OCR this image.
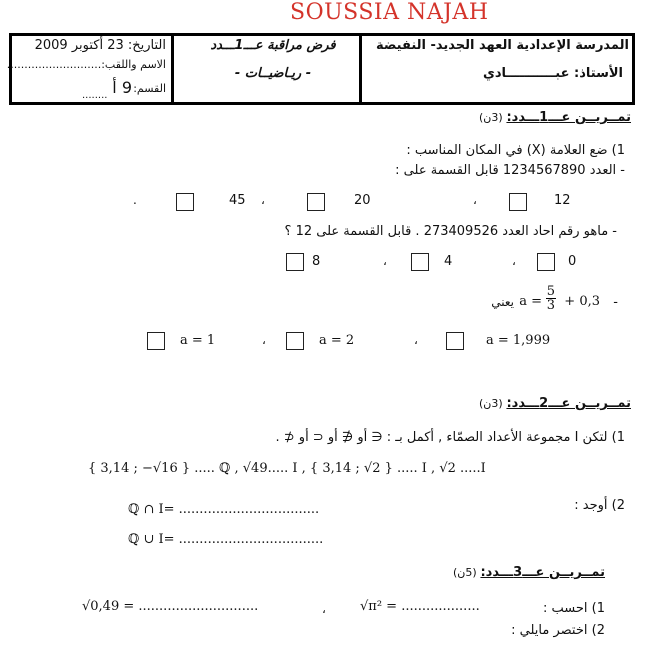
SOUSSIA NAJAH
المدرسة الإعدادية العهد الجديد- النفيضة
الأستاذ: عبـــــــــــادي
فرض مراقبة عـــ1ـــدد
- ريـاضيــات -
التاريخ: 23 أكتوبر 2009
الاسم واللقب:...........................
القسم:
9 أ
........
تمــريــن عـــ1ـــدد: (3ن)
1) ضع العلامة (X) في المكان المناسب :
- العدد 1234567890 قابل القسمة على :
12
،
20
،
45
.
- ماهو رقم احاد العدد 273409526 . قابل القسمة على 12 ؟
0
،
4
،
8
-
+ 0,3
$\frac{5}{3}$
a =
يعني
a = 1,999
،
a = 2
،
a = 1
تمــريــن عـــ2ـــدد: (3ن)
1) لتكن I مجموعة الأعداد الصمّاء , أكمل بـ : ∈ أو ∉ أو ⊂ أو ⊄ .
{ 3,14 ; −√16 } ..... ℚ , √49..... I , { 3,14 ; √2 } ..... I , √2 .....I
2) أوجد :
ℚ ∩ I= ..................................
ℚ ∪ I= ...................................
تمــريــن عـــ3ـــدد: (5ن)
1) احسب :
√0,49 = .............................	،	√π² = ...................
2) اختصر مايلي :
